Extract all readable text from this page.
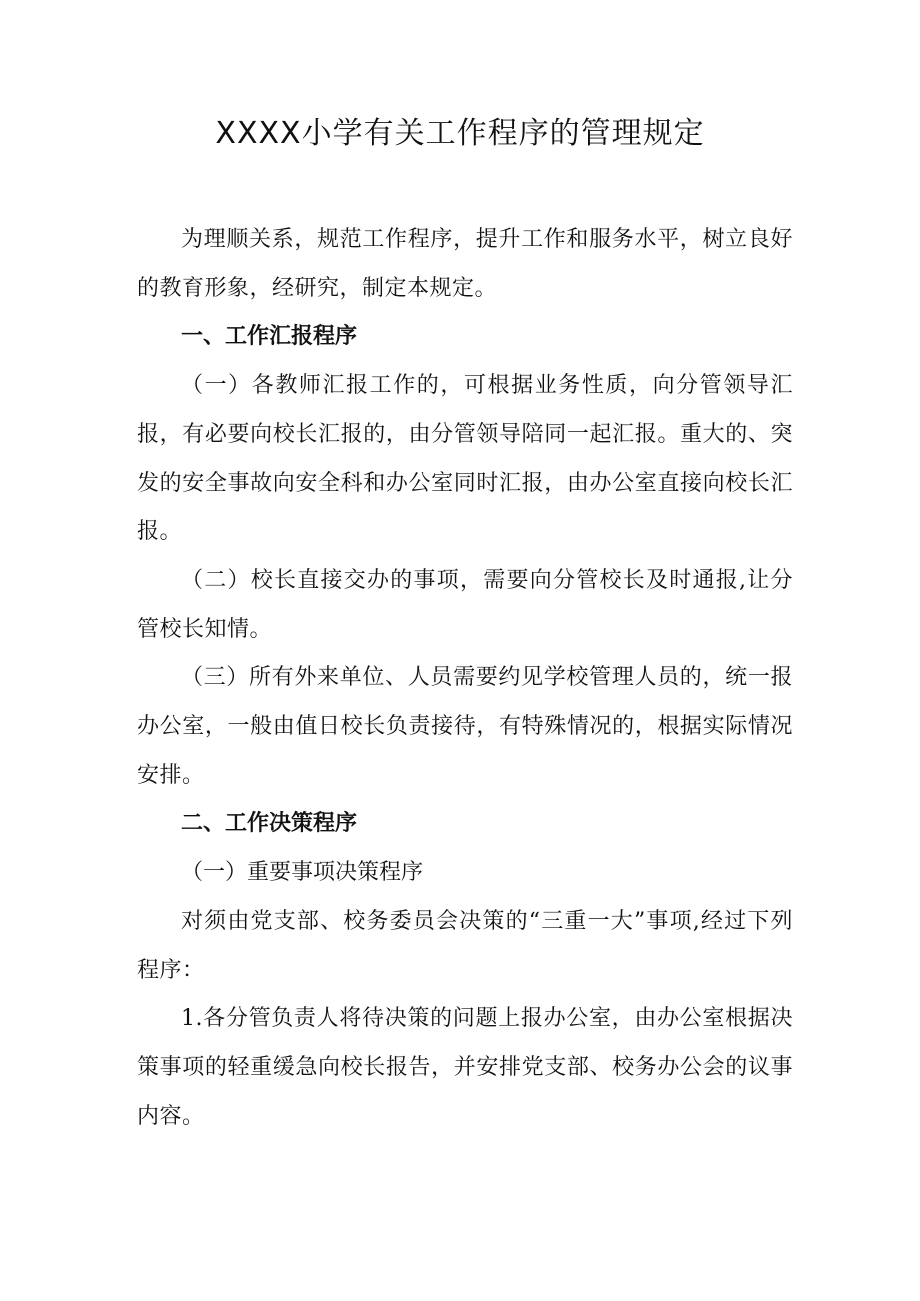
XXXX小学有关工作程序的管理规定

为理顺关系，规范工作程序，提升工作和服务水平，树立良好的教育形象，经研究，制定本规定。

一、工作汇报程序

（一）各教师汇报工作的，可根据业务性质，向分管领导汇报，有必要向校长汇报的，由分管领导陪同一起汇报。重大的、突发的安全事故向安全科和办公室同时汇报，由办公室直接向校长汇报。

（二）校长直接交办的事项，需要向分管校长及时通报,让分管校长知情。

（三）所有外来单位、人员需要约见学校管理人员的，统一报办公室，一般由值日校长负责接待，有特殊情况的，根据实际情况安排。

二、工作决策程序

（一）重要事项决策程序

对须由党支部、校务委员会决策的“三重一大”事项,经过下列程序：

1.各分管负责人将待决策的问题上报办公室，由办公室根据决策事项的轻重缓急向校长报告，并安排党支部、校务办公会的议事内容。
